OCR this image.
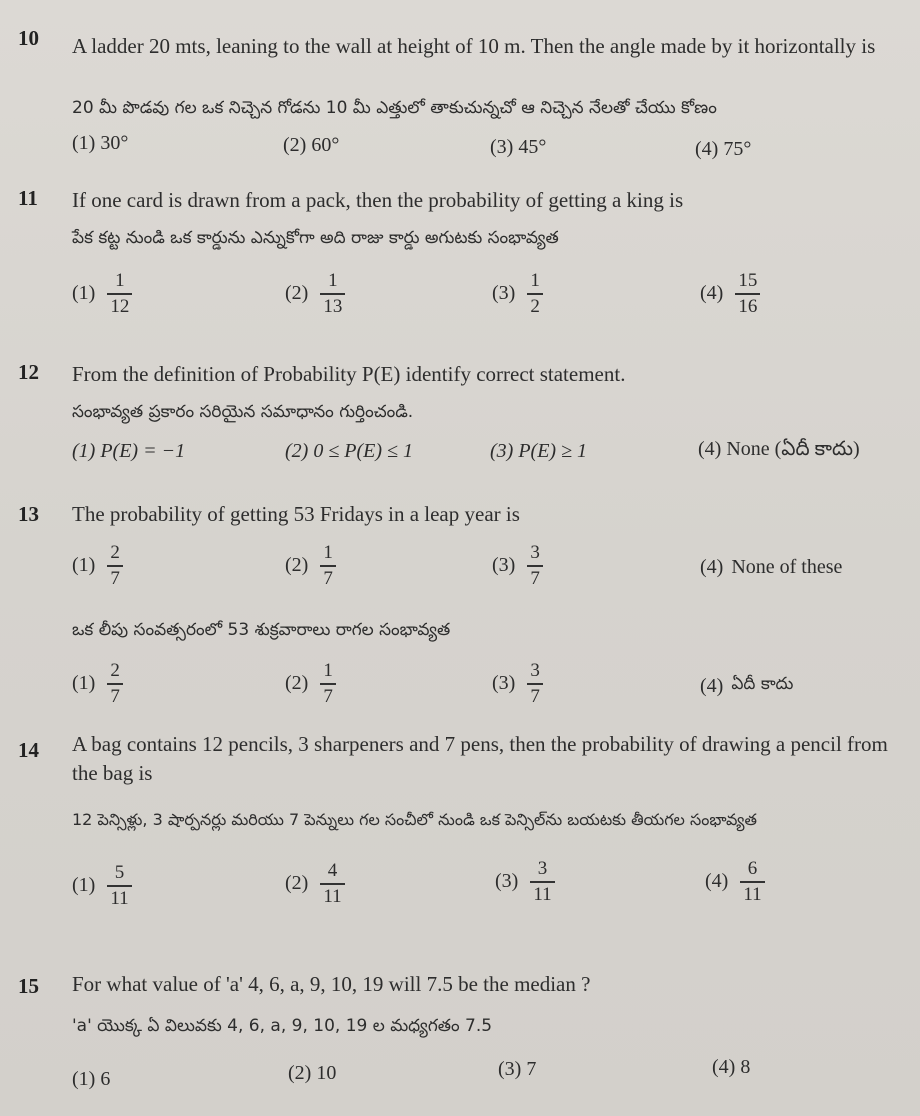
10 A ladder 20 mts, leaning to the wall at height of 10 m. Then the angle made by it horizontally is
20 మీ పొడవు గల ఒక నిచ్చెన గోడను 10 మీ ఎత్తులో తాకుచున్నచో ఆ నిచ్చెన నేలతో చేయు కోణం
(1) 30°	(2) 60°	(3) 45°	(4) 75°
11 If one card is drawn from a pack, then the probability of getting a king is
పేక కట్ట నుండి ఒక కార్డును ఎన్నుకోగా అది రాజు కార్డు అగుటకు సంభావ్యత
$(1) \frac{1}{12}$	$(2) \frac{1}{13}$	$(3) \frac{1}{2}$	$(4) \frac{15}{16}$
12 From the definition of Probability P(E) identify correct statement.
సంభావ్యత ప్రకారం సరియైన సమాధానం గుర్తించండి.
(1) P(E) = −1	(2) 0 ≤ P(E) ≤ 1	(3) P(E) ≥ 1	(4) None (ఏదీ కాదు)
13 The probability of getting 53 Fridays in a leap year is
$(1) \frac{2}{7}$	$(2) \frac{1}{7}$	$(3) \frac{3}{7}$	(4) None of these
ఒక లీపు సంవత్సరంలో 53 శుక్రవారాలు రాగల సంభావ్యత
$(1) \frac{2}{7}$	$(2) \frac{1}{7}$	$(3) \frac{3}{7}$	(4) ఏదీ కాదు
14 A bag contains 12 pencils, 3 sharpeners and 7 pens, then the probability of drawing a pencil from the bag is
12 పెన్సిళ్లు, 3 షార్పనర్లు మరియు 7 పెన్నులు గల సంచీలో నుండి ఒక పెన్సిల్‌ను బయటకు తీయగల సంభావ్యత
$(1) \frac{5}{11}$	$(2) \frac{4}{11}$	$(3) \frac{3}{11}$	$(4) \frac{6}{11}$
15 For what value of 'a' 4, 6, a, 9, 10, 19 will 7.5 be the median ?
'a' యొక్క ఏ విలువకు 4, 6, a, 9, 10, 19 ల మధ్యగతం 7.5
(1) 6	(2) 10	(3) 7	(4) 8
